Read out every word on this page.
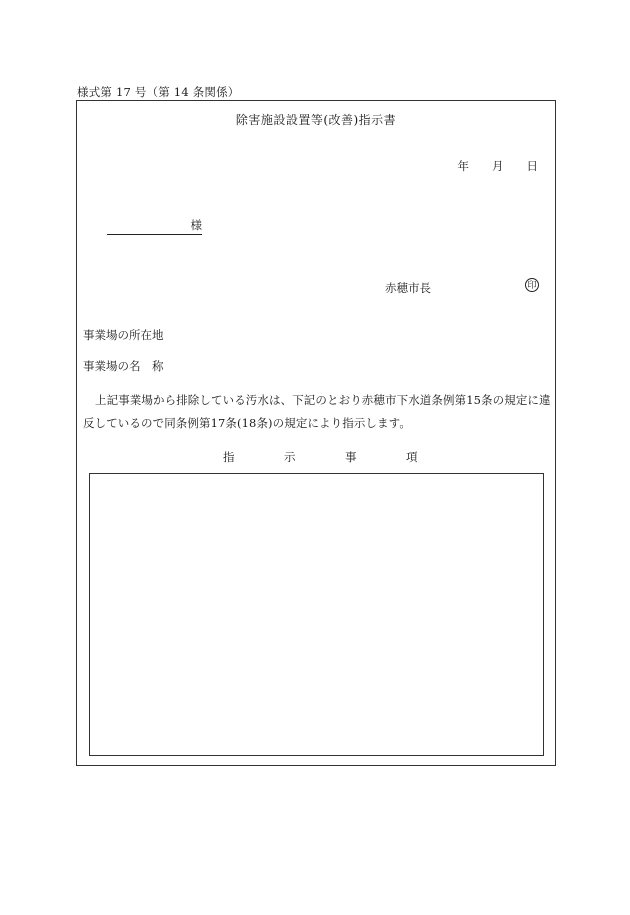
様式第 17 号（第 14 条関係）
除害施設設置等(改善)指示書
年 月 日
様
赤穂市長	印
事業場の所在地
事業場の名　称
上記事業場から排除している汚水は、下記のとおり赤穂市下水道条例第15条の規定に違反しているので同条例第17条(18条)の規定により指示します。
指	示	事	項
